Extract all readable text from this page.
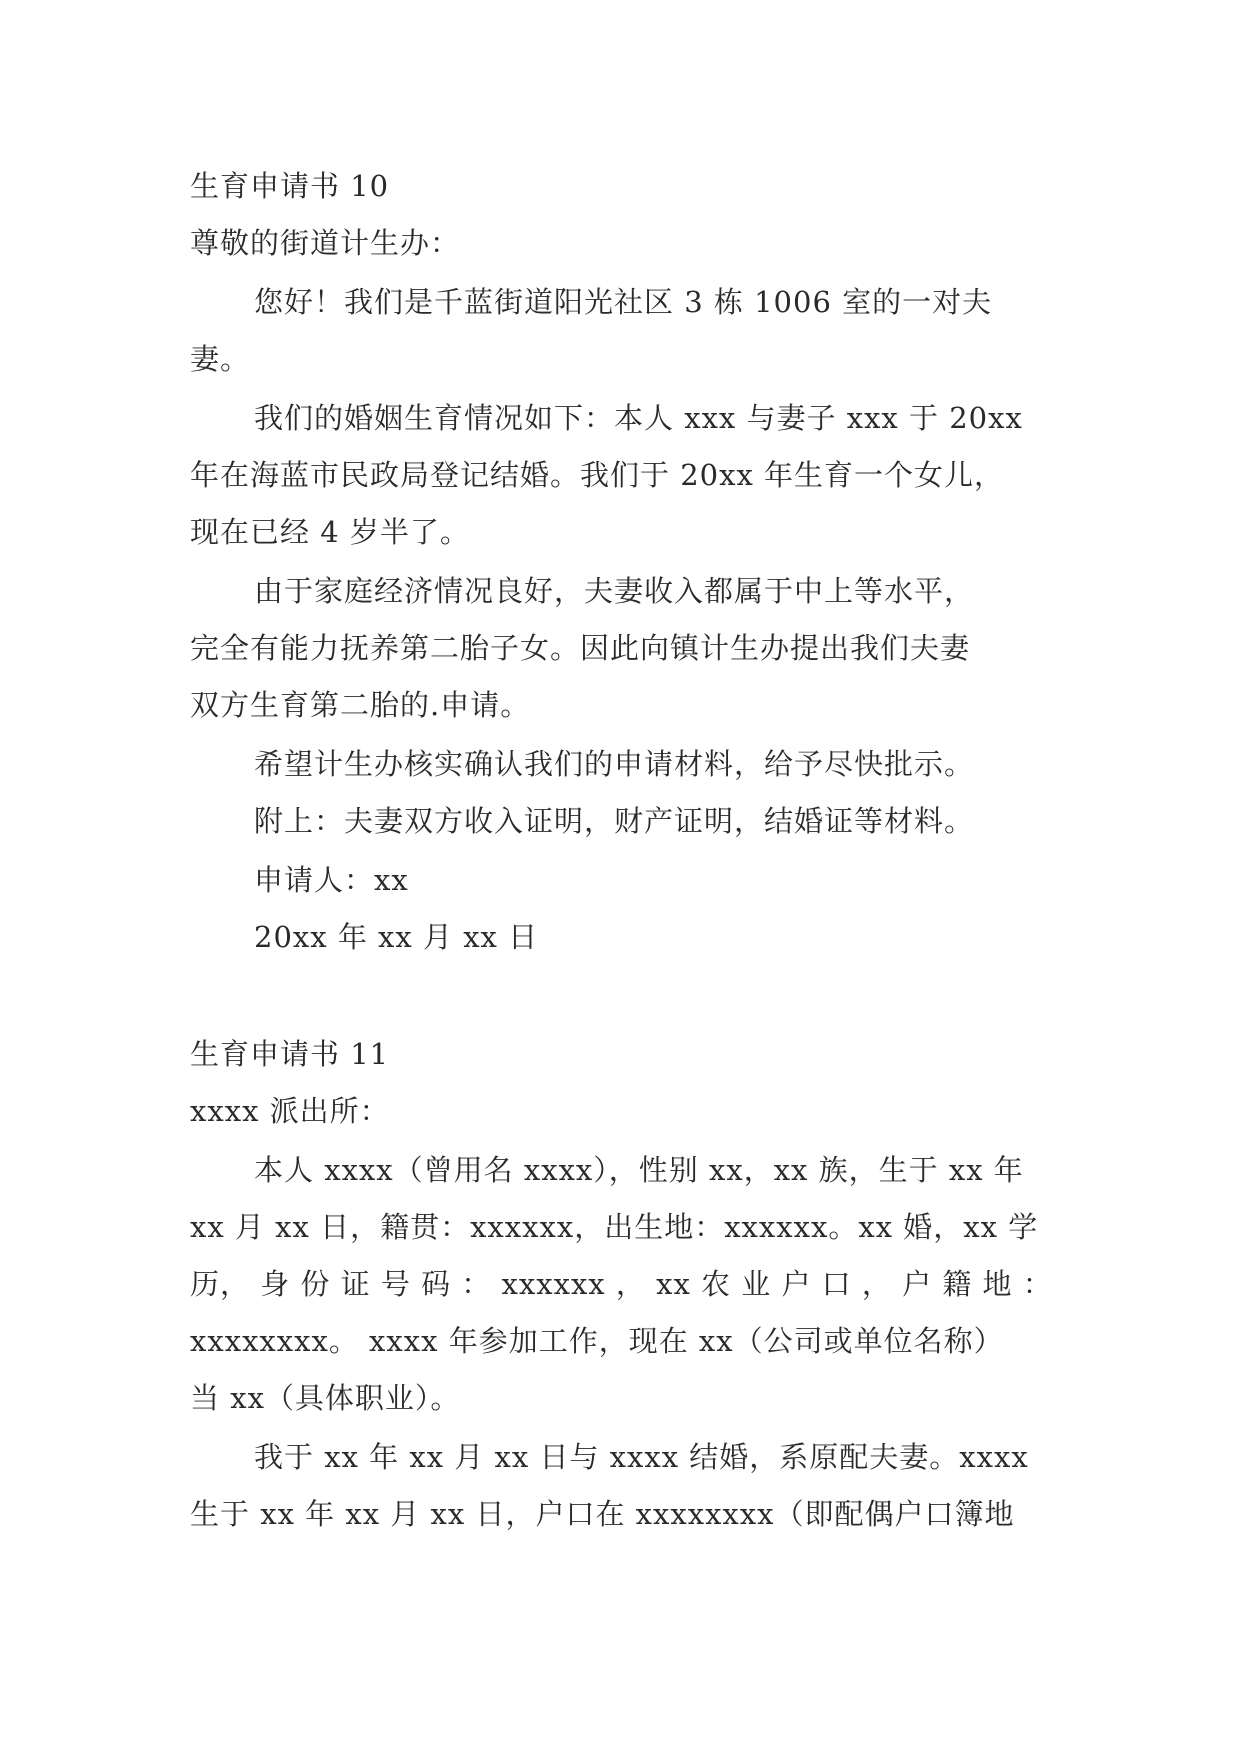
生育申请书 10
尊敬的街道计生办：
您好！我们是千蓝街道阳光社区 3 栋 1006 室的一对夫
妻。
我们的婚姻生育情况如下：本人 xxx 与妻子 xxx 于 20xx
年在海蓝市民政局登记结婚。我们于 20xx 年生育一个女儿，
现在已经 4 岁半了。
由于家庭经济情况良好，夫妻收入都属于中上等水平，
完全有能力抚养第二胎子女。因此向镇计生办提出我们夫妻
双方生育第二胎的.申请。
希望计生办核实确认我们的申请材料，给予尽快批示。
附上：夫妻双方收入证明，财产证明，结婚证等材料。
申请人：xx
20xx 年 xx 月 xx 日
生育申请书 11
xxxx 派出所：
本人 xxxx（曾用名 xxxx），性别 xx，xx 族，生于 xx 年
xx 月 xx 日，籍贯：xxxxxx，出生地：xxxxxx。xx 婚，xx 学
历， 身 份 证 号 码 ： xxxxxx ， xx 农 业 户 口 ， 户 籍 地 ：
xxxxxxxx。 xxxx 年参加工作，现在 xx（公司或单位名称）
当 xx（具体职业）。
我于 xx 年 xx 月 xx 日与 xxxx 结婚，系原配夫妻。xxxx
生于 xx 年 xx 月 xx 日，户口在 xxxxxxxx（即配偶户口簿地
